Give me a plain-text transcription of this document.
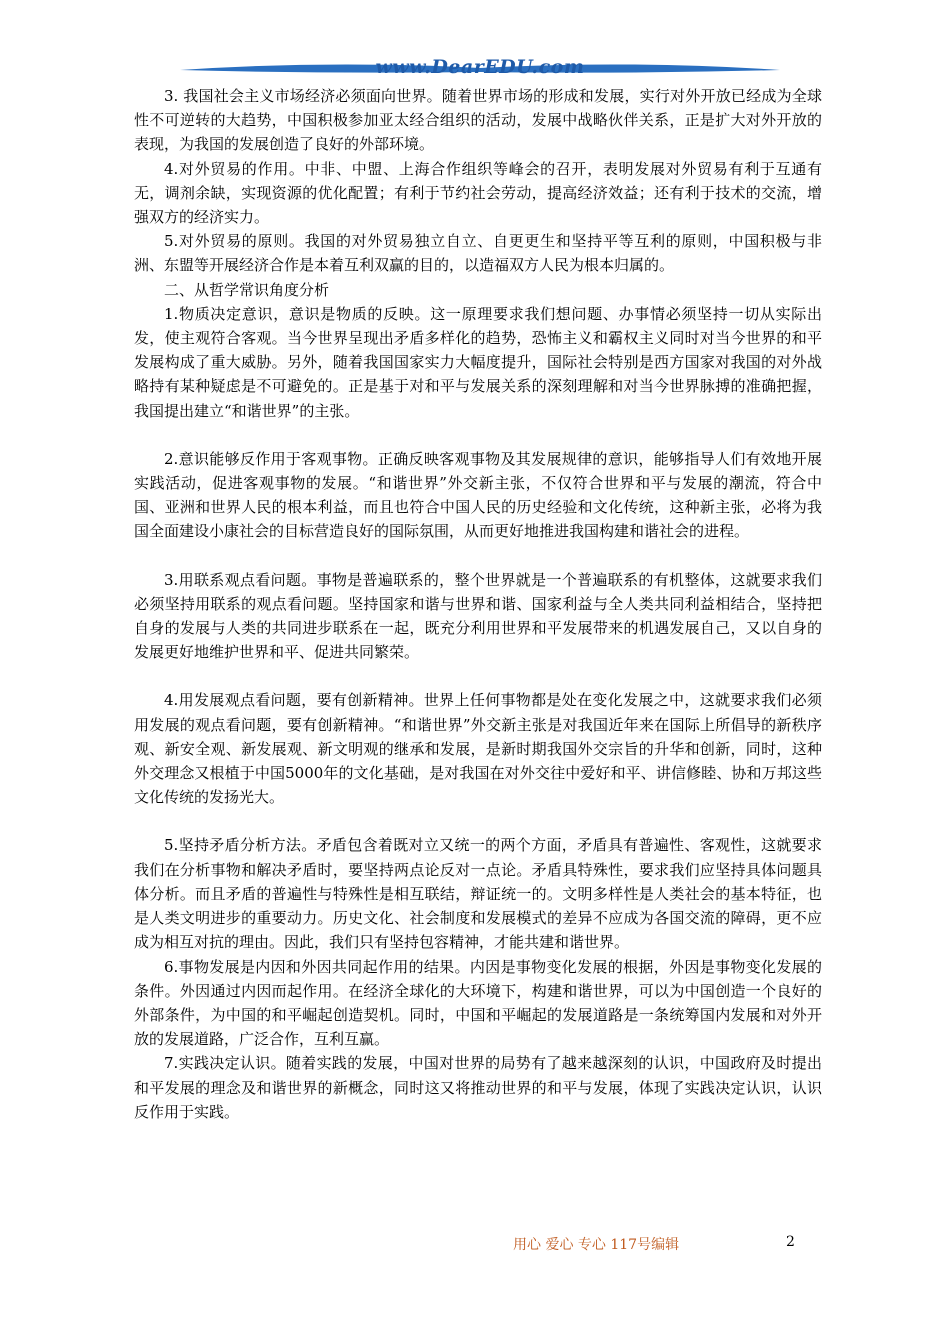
www.DearEDU.com

3. 我国社会主义市场经济必须面向世界。随着世界市场的形成和发展，实行对外开放已经成为全球性不可逆转的大趋势，中国积极参加亚太经合组织的活动，发展中战略伙伴关系，正是扩大对外开放的表现，为我国的发展创造了良好的外部环境。

4.对外贸易的作用。中非、中盟、上海合作组织等峰会的召开，表明发展对外贸易有利于互通有无，调剂余缺，实现资源的优化配置；有利于节约社会劳动，提高经济效益；还有利于技术的交流，增强双方的经济实力。

5.对外贸易的原则。我国的对外贸易独立自立、自更更生和坚持平等互利的原则，中国积极与非洲、东盟等开展经济合作是本着互利双赢的目的，以造福双方人民为根本归属的。

二、从哲学常识角度分析

1.物质决定意识，意识是物质的反映。这一原理要求我们想问题、办事情必须坚持一切从实际出发，使主观符合客观。当今世界呈现出矛盾多样化的趋势，恐怖主义和霸权主义同时对当今世界的和平发展构成了重大威胁。另外，随着我国国家实力大幅度提升，国际社会特别是西方国家对我国的对外战略持有某种疑虑是不可避免的。正是基于对和平与发展关系的深刻理解和对当今世界脉搏的准确把握，我国提出建立“和谐世界”的主张。

2.意识能够反作用于客观事物。正确反映客观事物及其发展规律的意识，能够指导人们有效地开展实践活动，促进客观事物的发展。“和谐世界”外交新主张，不仅符合世界和平与发展的潮流，符合中国、亚洲和世界人民的根本利益，而且也符合中国人民的历史经验和文化传统，这种新主张，必将为我国全面建设小康社会的目标营造良好的国际氛围，从而更好地推进我国构建和谐社会的进程。

3.用联系观点看问题。事物是普遍联系的，整个世界就是一个普遍联系的有机整体，这就要求我们必须坚持用联系的观点看问题。坚持国家和谐与世界和谐、国家利益与全人类共同利益相结合，坚持把自身的发展与人类的共同进步联系在一起，既充分利用世界和平发展带来的机遇发展自己，又以自身的发展更好地维护世界和平、促进共同繁荣。

4.用发展观点看问题，要有创新精神。世界上任何事物都是处在变化发展之中，这就要求我们必须用发展的观点看问题，要有创新精神。“和谐世界”外交新主张是对我国近年来在国际上所倡导的新秩序观、新安全观、新发展观、新文明观的继承和发展，是新时期我国外交宗旨的升华和创新，同时，这种外交理念又根植于中国5000年的文化基础，是对我国在对外交往中爱好和平、讲信修睦、协和万邦这些文化传统的发扬光大。

5.坚持矛盾分析方法。矛盾包含着既对立又统一的两个方面，矛盾具有普遍性、客观性，这就要求我们在分析事物和解决矛盾时，要坚持两点论反对一点论。矛盾具特殊性，要求我们应坚持具体问题具体分析。而且矛盾的普遍性与特殊性是相互联结，辩证统一的。文明多样性是人类社会的基本特征，也是人类文明进步的重要动力。历史文化、社会制度和发展模式的差异不应成为各国交流的障碍，更不应成为相互对抗的理由。因此，我们只有坚持包容精神，才能共建和谐世界。

6.事物发展是内因和外因共同起作用的结果。内因是事物变化发展的根据，外因是事物变化发展的条件。外因通过内因而起作用。在经济全球化的大环境下，构建和谐世界，可以为中国创造一个良好的外部条件，为中国的和平崛起创造契机。同时，中国和平崛起的发展道路是一条统筹国内发展和对外开放的发展道路，广泛合作，互利互赢。

7.实践决定认识。随着实践的发展，中国对世界的局势有了越来越深刻的认识，中国政府及时提出和平发展的理念及和谐世界的新概念，同时这又将推动世界的和平与发展，体现了实践决定认识，认识反作用于实践。

用心 爱心 专心 117号编辑	2
